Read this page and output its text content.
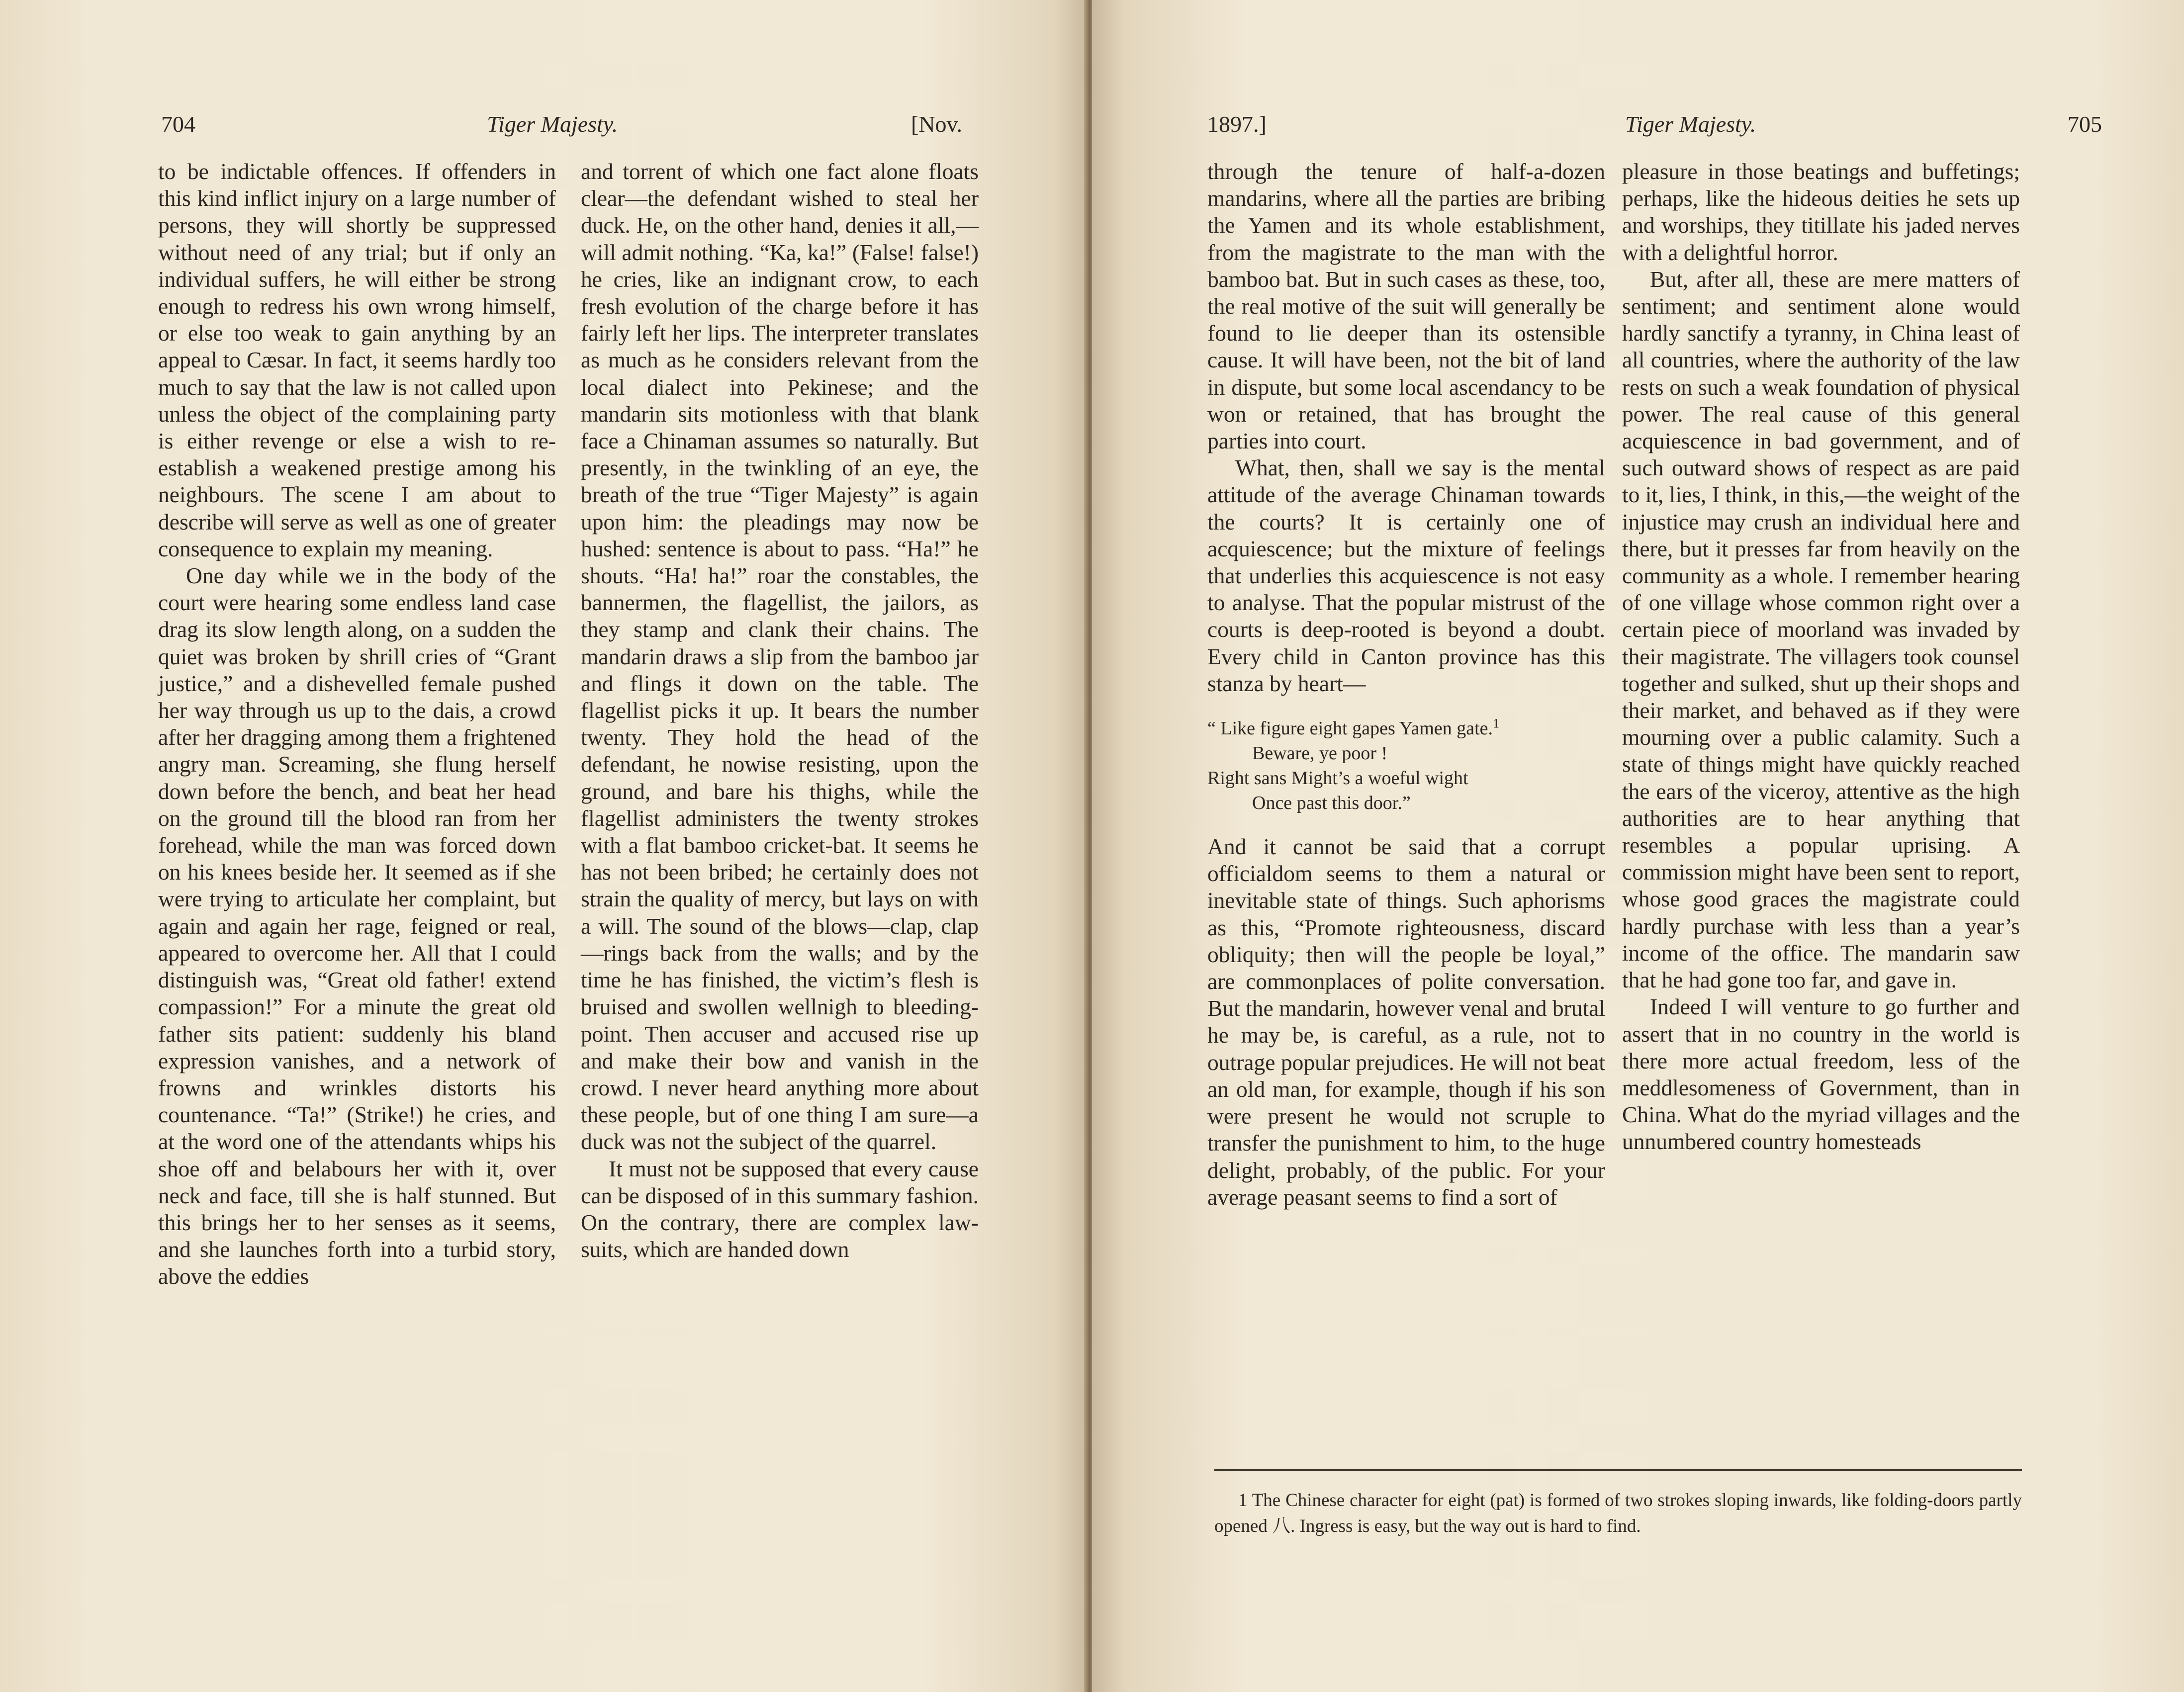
704	Tiger Majesty.	[Nov.

to be indictable offences. If offenders in this kind inflict injury on a large number of persons, they will shortly be suppressed without need of any trial; but if only an individual suffers, he will either be strong enough to redress his own wrong himself, or else too weak to gain anything by an appeal to Cæsar. In fact, it seems hardly too much to say that the law is not called upon unless the object of the complaining party is either revenge or else a wish to re-establish a weakened prestige among his neighbours. The scene I am about to describe will serve as well as one of greater consequence to explain my meaning.

One day while we in the body of the court were hearing some endless land case drag its slow length along, on a sudden the quiet was broken by shrill cries of “Grant justice,” and a dishevelled female pushed her way through us up to the dais, a crowd after her dragging among them a frightened angry man. Screaming, she flung herself down before the bench, and beat her head on the ground till the blood ran from her forehead, while the man was forced down on his knees beside her. It seemed as if she were trying to articulate her complaint, but again and again her rage, feigned or real, appeared to overcome her. All that I could distinguish was, “Great old father! extend compassion!” For a minute the great old father sits patient: suddenly his bland expression vanishes, and a network of frowns and wrinkles distorts his countenance. “Ta!” (Strike!) he cries, and at the word one of the attendants whips his shoe off and belabours her with it, over neck and face, till she is half stunned. But this brings her to her senses as it seems, and she launches forth into a turbid story, above the eddies

and torrent of which one fact alone floats clear—the defendant wished to steal her duck. He, on the other hand, denies it all,—will admit nothing. “Ka, ka!” (False! false!) he cries, like an indignant crow, to each fresh evolution of the charge before it has fairly left her lips. The interpreter translates as much as he considers relevant from the local dialect into Pekinese; and the mandarin sits motionless with that blank face a Chinaman assumes so naturally. But presently, in the twinkling of an eye, the breath of the true “Tiger Majesty” is again upon him: the pleadings may now be hushed: sentence is about to pass. “Ha!” he shouts. “Ha! ha!” roar the constables, the bannermen, the flagellist, the jailors, as they stamp and clank their chains. The mandarin draws a slip from the bamboo jar and flings it down on the table. The flagellist picks it up. It bears the number twenty. They hold the head of the defendant, he nowise resisting, upon the ground, and bare his thighs, while the flagellist administers the twenty strokes with a flat bamboo cricket-bat. It seems he has not been bribed; he certainly does not strain the quality of mercy, but lays on with a will. The sound of the blows—clap, clap—rings back from the walls; and by the time he has finished, the victim’s flesh is bruised and swollen wellnigh to bleeding-point. Then accuser and accused rise up and make their bow and vanish in the crowd. I never heard anything more about these people, but of one thing I am sure—a duck was not the subject of the quarrel.

It must not be supposed that every cause can be disposed of in this summary fashion. On the contrary, there are complex law-suits, which are handed down

1897.]	Tiger Majesty.	705

through the tenure of half-a-dozen mandarins, where all the parties are bribing the Yamen and its whole establishment, from the magistrate to the man with the bamboo bat. But in such cases as these, too, the real motive of the suit will generally be found to lie deeper than its ostensible cause. It will have been, not the bit of land in dispute, but some local ascendancy to be won or retained, that has brought the parties into court.

What, then, shall we say is the mental attitude of the average Chinaman towards the courts? It is certainly one of acquiescence; but the mixture of feelings that underlies this acquiescence is not easy to analyse. That the popular mistrust of the courts is deep-rooted is beyond a doubt. Every child in Canton province has this stanza by heart—

“ Like figure eight gapes Yamen gate.$^1$
Beware, ye poor !
Right sans Might’s a woeful wight
Once past this door.”

And it cannot be said that a corrupt officialdom seems to them a natural or inevitable state of things. Such aphorisms as this, “Promote righteousness, discard obliquity; then will the people be loyal,” are commonplaces of polite conversation. But the mandarin, however venal and brutal he may be, is careful, as a rule, not to outrage popular prejudices. He will not beat an old man, for example, though if his son were present he would not scruple to transfer the punishment to him, to the huge delight, probably, of the public. For your average peasant seems to find a sort of

pleasure in those beatings and buffetings; perhaps, like the hideous deities he sets up and worships, they titillate his jaded nerves with a delightful horror.

But, after all, these are mere matters of sentiment; and sentiment alone would hardly sanctify a tyranny, in China least of all countries, where the authority of the law rests on such a weak foundation of physical power. The real cause of this general acquiescence in bad government, and of such outward shows of respect as are paid to it, lies, I think, in this,—the weight of the injustice may crush an individual here and there, but it presses far from heavily on the community as a whole. I remember hearing of one village whose common right over a certain piece of moorland was invaded by their magistrate. The villagers took counsel together and sulked, shut up their shops and their market, and behaved as if they were mourning over a public calamity. Such a state of things might have quickly reached the ears of the viceroy, attentive as the high authorities are to hear anything that resembles a popular uprising. A commission might have been sent to report, whose good graces the magistrate could hardly purchase with less than a year’s income of the office. The mandarin saw that he had gone too far, and gave in.

Indeed I will venture to go further and assert that in no country in the world is there more actual freedom, less of the meddlesomeness of Government, than in China. What do the myriad villages and the unnumbered country homesteads

1 The Chinese character for eight (pat) is formed of two strokes sloping inwards, like folding-doors partly opened 八. Ingress is easy, but the way out is hard to find.
